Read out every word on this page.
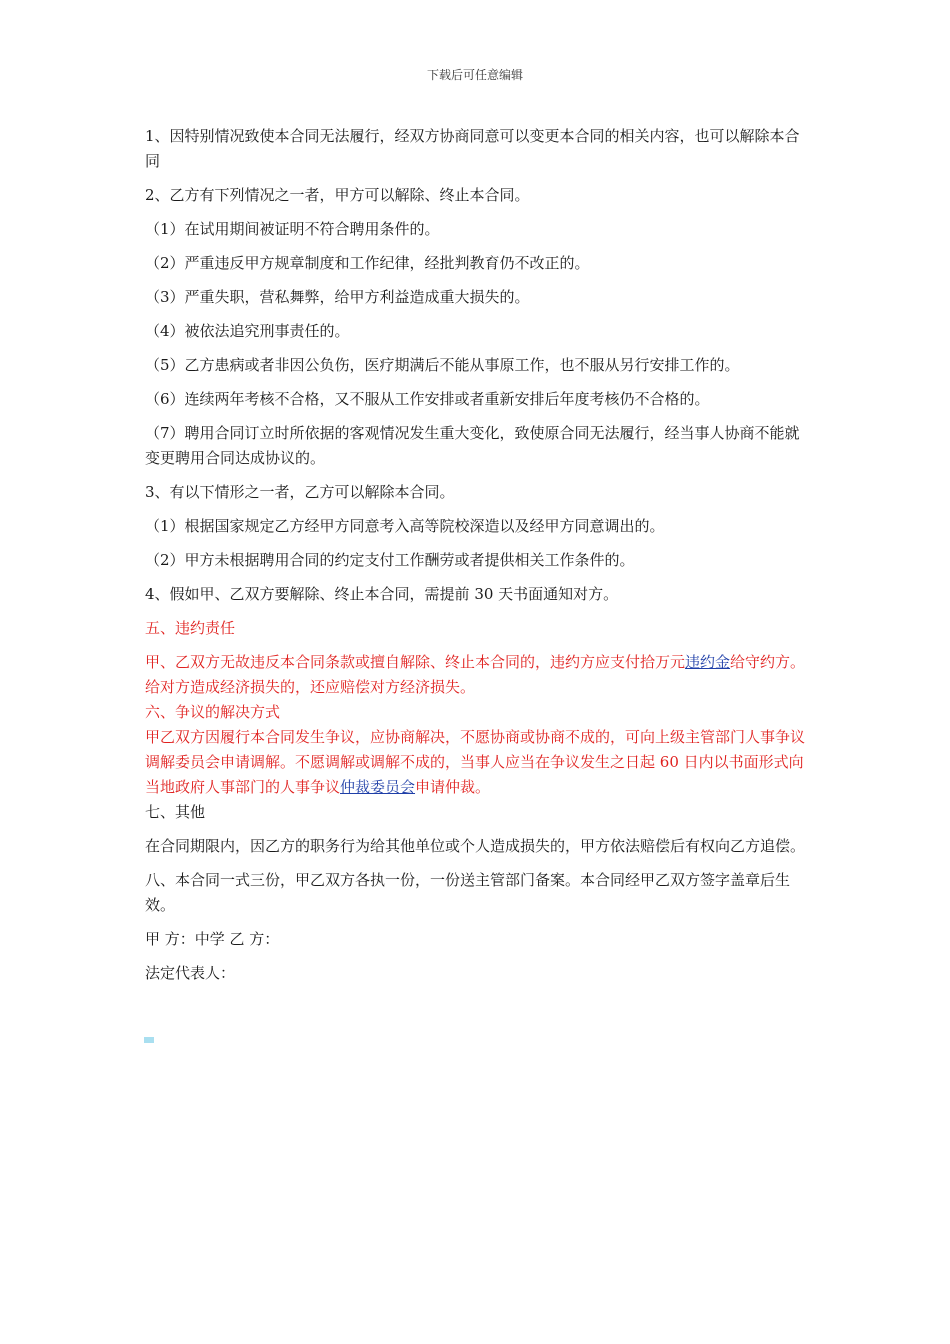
下载后可任意编辑

1、因特别情况致使本合同无法履行，经双方协商同意可以变更本合同的相关内容，也可以解除本合同

2、乙方有下列情况之一者，甲方可以解除、终止本合同。

（1）在试用期间被证明不符合聘用条件的。

（2）严重违反甲方规章制度和工作纪律，经批判教育仍不改正的。

（3）严重失职，营私舞弊，给甲方利益造成重大损失的。

（4）被依法追究刑事责任的。

（5）乙方患病或者非因公负伤，医疗期满后不能从事原工作，也不服从另行安排工作的。

（6）连续两年考核不合格，又不服从工作安排或者重新安排后年度考核仍不合格的。

（7）聘用合同订立时所依据的客观情况发生重大变化，致使原合同无法履行，经当事人协商不能就变更聘用合同达成协议的。

3、有以下情形之一者，乙方可以解除本合同。

（1）根据国家规定乙方经甲方同意考入高等院校深造以及经甲方同意调出的。

（2）甲方未根据聘用合同的约定支付工作酬劳或者提供相关工作条件的。

4、假如甲、乙双方要解除、终止本合同，需提前 30 天书面通知对方。

五、违约责任

甲、乙双方无故违反本合同条款或擅自解除、终止本合同的，违约方应支付拾万元违约金给守约方。给对方造成经济损失的，还应赔偿对方经济损失。

六、争议的解决方式

甲乙双方因履行本合同发生争议，应协商解决，不愿协商或协商不成的，可向上级主管部门人事争议调解委员会申请调解。不愿调解或调解不成的，当事人应当在争议发生之日起 60 日内以书面形式向当地政府人事部门的人事争议仲裁委员会申请仲裁。

七、其他

在合同期限内，因乙方的职务行为给其他单位或个人造成损失的，甲方依法赔偿后有权向乙方追偿。

八、本合同一式三份，甲乙双方各执一份，一份送主管部门备案。本合同经甲乙双方签字盖章后生效。

甲 方：中学 乙 方：

法定代表人：
